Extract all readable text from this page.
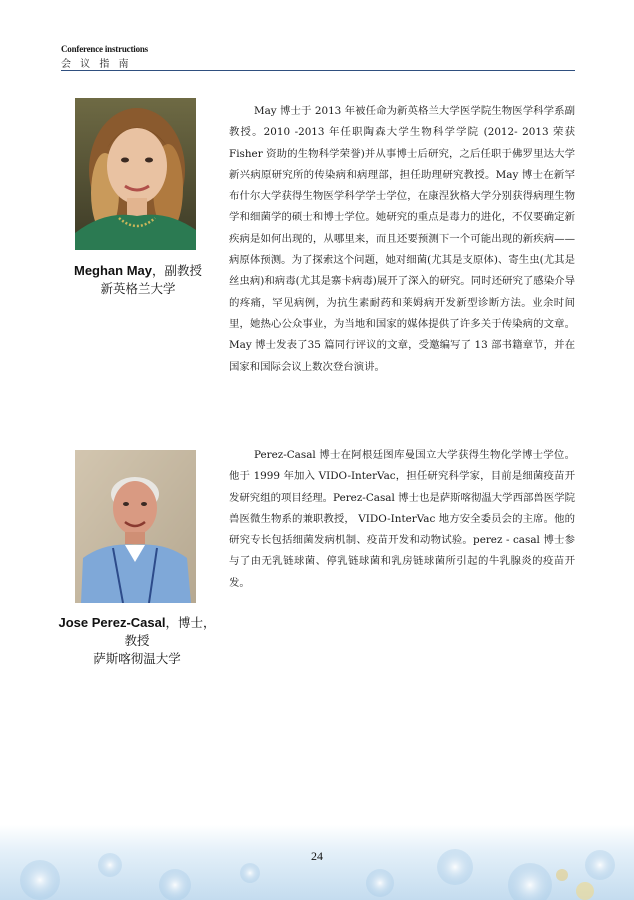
Conference instructions
会 议 指 南
Meghan May，副教授
新英格兰大学

May 博士于 2013 年被任命为新英格兰大学医学院生物医学科学系副教授。2010 -2013 年任职陶森大学生物科学学院 (2012- 2013 荣获Fisher 资助的生物科学荣誉)并从事博士后研究，之后任职于佛罗里达大学新兴病原研究所的传染病和病理部，担任助理研究教授。May 博士在新罕布什尔大学获得生物医学科学学士学位，在康涅狄格大学分别获得病理生物学和细菌学的硕士和博士学位。她研究的重点是毒力的进化，不仅要确定新疾病是如何出现的，从哪里来，而且还要预测下一个可能出现的新疾病——病原体预测。为了探索这个问题，她对细菌(尤其是支原体)、寄生虫(尤其是丝虫病)和病毒(尤其是寨卡病毒)展开了深入的研究。同时还研究了感染介导的疼痛，罕见病例，为抗生素耐药和莱姆病开发新型诊断方法。业余时间里，她热心公众事业，为当地和国家的媒体提供了许多关于传染病的文章。May 博士发表了35 篇同行评议的文章，受邀编写了 13 部书籍章节，并在国家和国际会议上数次登台演讲。

Jose Perez-Casal，博士，
教授
萨斯喀彻温大学

Perez-Casal 博士在阿根廷图库曼国立大学获得生物化学博士学位。他于 1999 年加入 VIDO-InterVac，担任研究科学家，目前是细菌疫苗开发研究组的项目经理。Perez-Casal 博士也是萨斯喀彻温大学西部兽医学院兽医微生物系的兼职教授， VIDO-InterVac 地方安全委员会的主席。他的研究专长包括细菌发病机制、疫苗开发和动物试验。perez - casal 博士参与了由无乳链球菌、停乳链球菌和乳房链球菌所引起的牛乳腺炎的疫苗开发。

24
